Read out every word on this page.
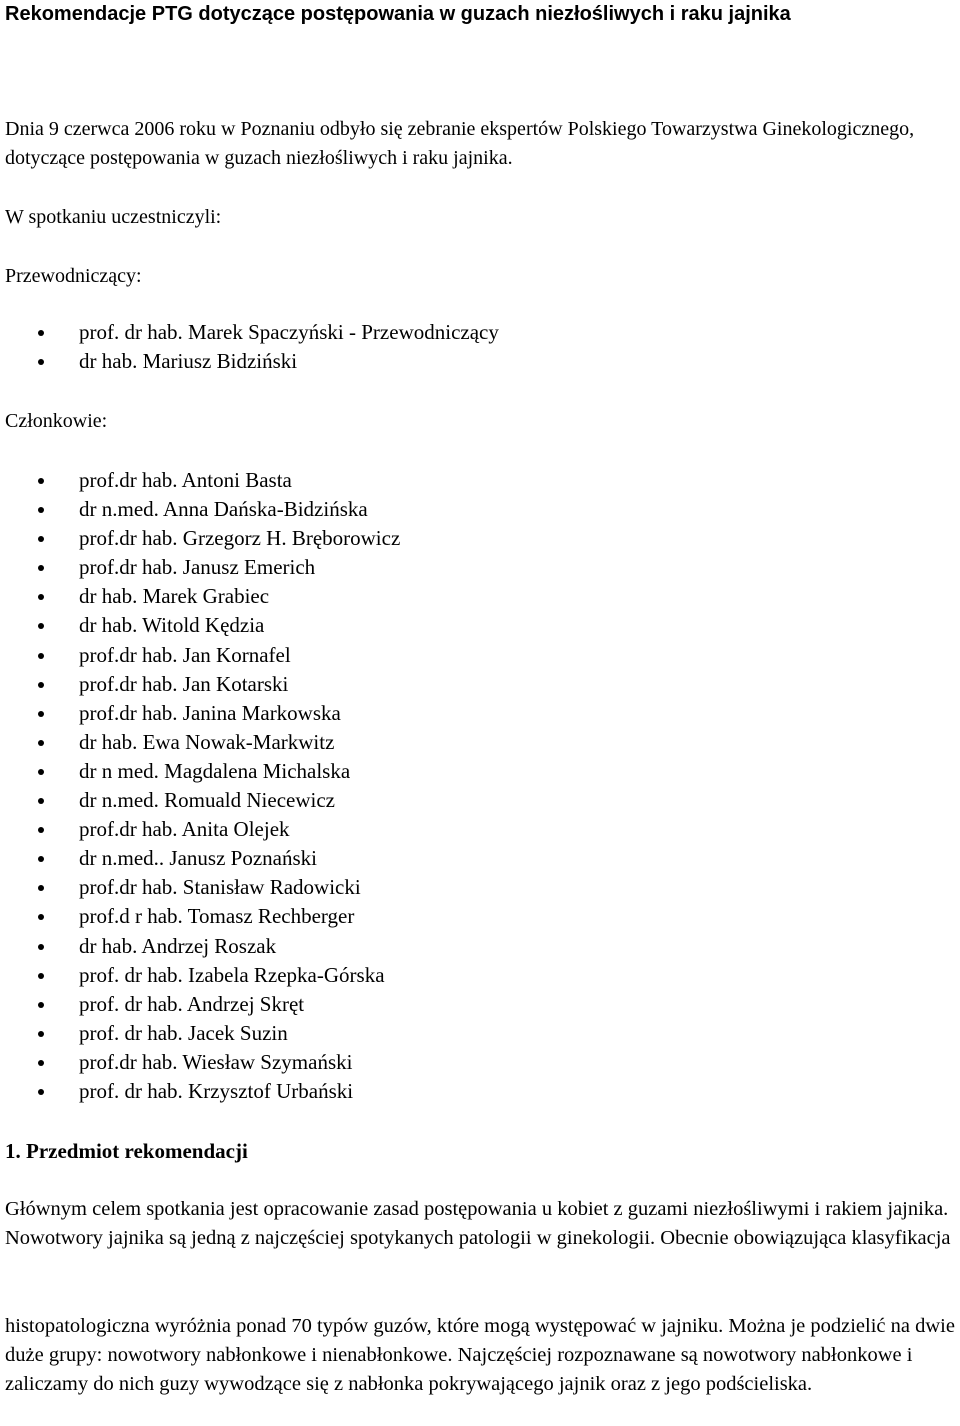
Rekomendacje PTG dotyczące postępowania w guzach niezłośliwych i raku jajnika

Dnia 9 czerwca 2006 roku w Poznaniu odbyło się zebranie ekspertów Polskiego Towarzystwa Ginekologicznego, dotyczące postępowania w guzach niezłośliwych i raku jajnika.

W spotkaniu uczestniczyli:

Przewodniczący:

prof. dr hab. Marek Spaczyński - Przewodniczący
dr hab. Mariusz Bidziński

Członkowie:

prof.dr hab. Antoni Basta
dr n.med. Anna Dańska-Bidzińska
prof.dr hab. Grzegorz H. Bręborowicz
prof.dr hab. Janusz Emerich
dr hab. Marek Grabiec
dr hab. Witold Kędzia
prof.dr hab. Jan Kornafel
prof.dr hab. Jan Kotarski
prof.dr hab. Janina Markowska
dr hab. Ewa Nowak-Markwitz
dr n med. Magdalena Michalska
dr n.med. Romuald Niecewicz
prof.dr hab. Anita Olejek
dr n.med.. Janusz Poznański
prof.dr hab. Stanisław Radowicki
prof.d r hab. Tomasz Rechberger
dr hab. Andrzej Roszak
prof. dr hab. Izabela Rzepka-Górska
prof. dr hab. Andrzej Skręt
prof. dr hab. Jacek Suzin
prof.dr hab. Wiesław Szymański
prof. dr hab. Krzysztof Urbański
1. Przedmiot rekomendacji

Głównym celem spotkania jest opracowanie zasad postępowania u kobiet z guzami niezłośliwymi i rakiem jajnika. Nowotwory jajnika są jedną z najczęściej spotykanych patologii w ginekologii. Obecnie obowiązująca klasyfikacja

histopatologiczna wyróżnia ponad 70 typów guzów, które mogą występować w jajniku. Można je podzielić na dwie duże grupy: nowotwory nabłonkowe i nienabłonkowe. Najczęściej rozpoznawane są nowotwory nabłonkowe i zaliczamy do nich guzy wywodzące się z nabłonka pokrywającego jajnik oraz z jego podścieliska.
